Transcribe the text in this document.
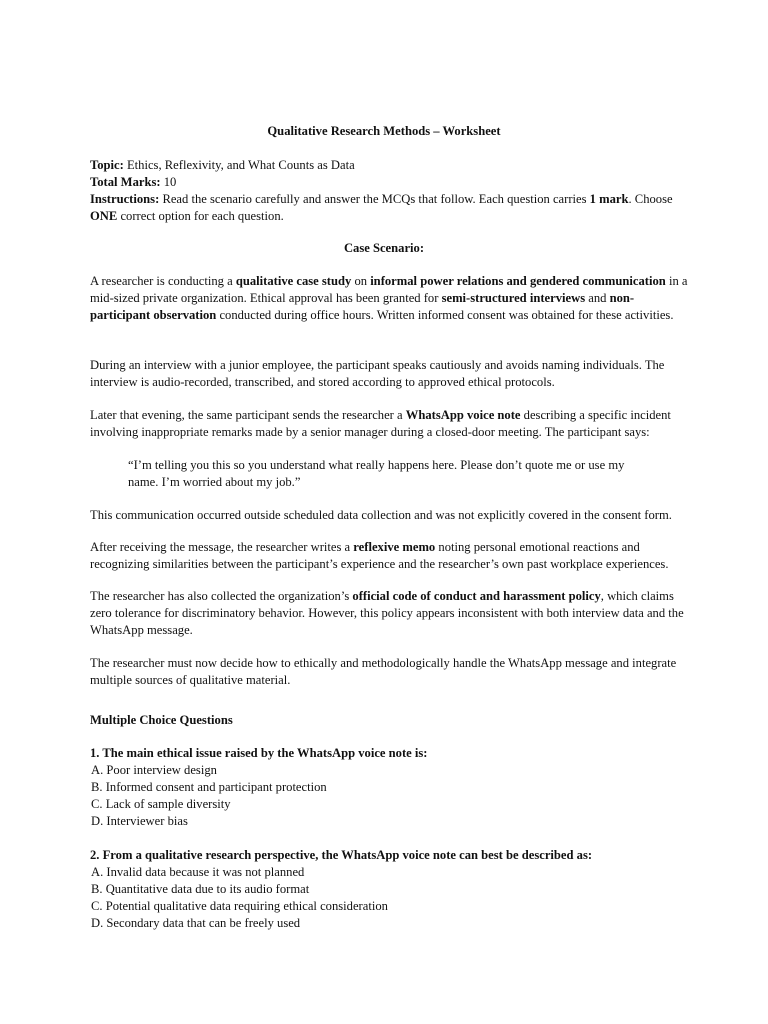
Qualitative Research Methods – Worksheet

Topic: Ethics, Reflexivity, and What Counts as Data

Total Marks: 10

Instructions: Read the scenario carefully and answer the MCQs that follow. Each question carries 1 mark. Choose ONE correct option for each question.

Case Scenario:

A researcher is conducting a qualitative case study on informal power relations and gendered communication in a mid-sized private organization. Ethical approval has been granted for semi-structured interviews and non-participant observation conducted during office hours. Written informed consent was obtained for these activities.

During an interview with a junior employee, the participant speaks cautiously and avoids naming individuals. The interview is audio-recorded, transcribed, and stored according to approved ethical protocols.

Later that evening, the same participant sends the researcher a WhatsApp voice note describing a specific incident involving inappropriate remarks made by a senior manager during a closed-door meeting. The participant says:

“I’m telling you this so you understand what really happens here. Please don’t quote me or use my name. I’m worried about my job.”

This communication occurred outside scheduled data collection and was not explicitly covered in the consent form.

After receiving the message, the researcher writes a reflexive memo noting personal emotional reactions and recognizing similarities between the participant’s experience and the researcher’s own past workplace experiences.

The researcher has also collected the organization’s official code of conduct and harassment policy, which claims zero tolerance for discriminatory behavior. However, this policy appears inconsistent with both interview data and the WhatsApp message.

The researcher must now decide how to ethically and methodologically handle the WhatsApp message and integrate multiple sources of qualitative material.

Multiple Choice Questions

1. The main ethical issue raised by the WhatsApp voice note is:

A. Poor interview design
B. Informed consent and participant protection
C. Lack of sample diversity
D. Interviewer bias

2. From a qualitative research perspective, the WhatsApp voice note can best be described as:

A. Invalid data because it was not planned
B. Quantitative data due to its audio format
C. Potential qualitative data requiring ethical consideration
D. Secondary data that can be freely used
